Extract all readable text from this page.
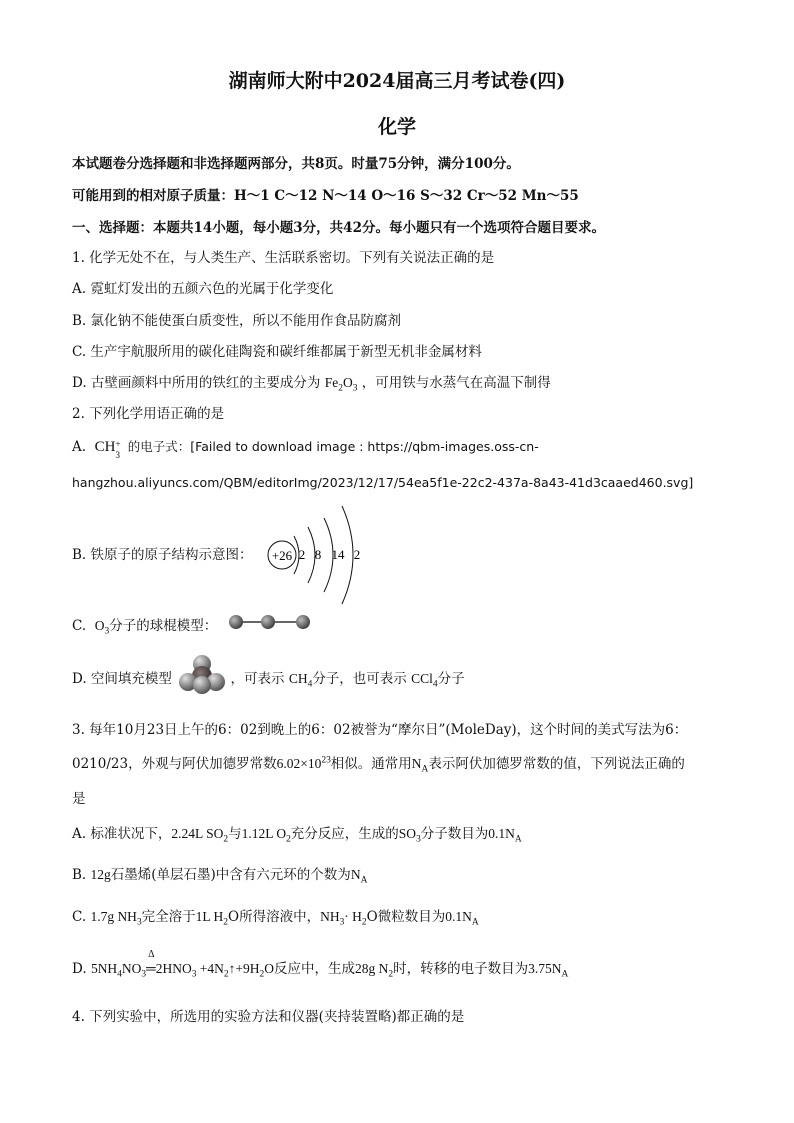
湖南师大附中2024届高三月考试卷(四)
化学
本试题卷分选择题和非选择题两部分，共8页。时量75分钟，满分100分。
可能用到的相对原子质量：H～1 C～12 N～14 O～16 S～32 Cr～52 Mn～55
一、选择题：本题共14小题，每小题3分，共42分。每小题只有一个选项符合题目要求。
1. 化学无处不在，与人类生产、生活联系密切。下列有关说法正确的是
A. 霓虹灯发出的五颜六色的光属于化学变化
B. 氯化钠不能使蛋白质变性，所以不能用作食品防腐剂
C. 生产宇航服所用的碳化硅陶瓷和碳纤维都属于新型无机非金属材料
D. 古壁画颜料中所用的铁红的主要成分为 $Fe_2O_3$ ，可用铁与水蒸气在高温下制得
2. 下列化学用语正确的是
A. CH +
3
的电子式：[Failed to download image : https://qbm-images.oss-cn-
hangzhou.aliyuncs.com/QBM/editorImg/2023/12/17/54ea5f1e-22c2-437a-8a43-41d3caaed460.svg]
B. 铁原子的原子结构示意图： +26 2 8 14 2
C. $O_3$分子的球棍模型：
D. 空间填充模型	，可表示 $CH_4$分子，也可表示 CCl$_4$分子
3. 每年10月23日上午的6：02到晚上的6：02被誉为“摩尔日”(MoleDay)，这个时间的美式写法为6：
0210/23，外观与阿伏加德罗常数$6.02\times 10^{23}$相似。通常用$N_A$表示阿伏加德罗常数的值，下列说法正确的
是
A. 标准状况下，2.24L $SO_2$与1.12L $O_2$充分反应，生成的$SO_3$分子数目为$0.1N_A$
B. 12g石墨烯(单层石墨)中含有六元环的个数为$N_A$
C. 1.7g $NH_3$完全溶于1L $H_2O$所得溶液中，$NH_3\cdot H_2O$微粒数目为$0.1N_A$
D. $5NH_4NO_3$
Δ
$═2HNO_3$ $+4N_2↑+9H_2O$反应中，生成28g $N_2$时，转移的电子数目为$3.75N_A$
4. 下列实验中，所选用的实验方法和仪器(夹持装置略)都正确的是
